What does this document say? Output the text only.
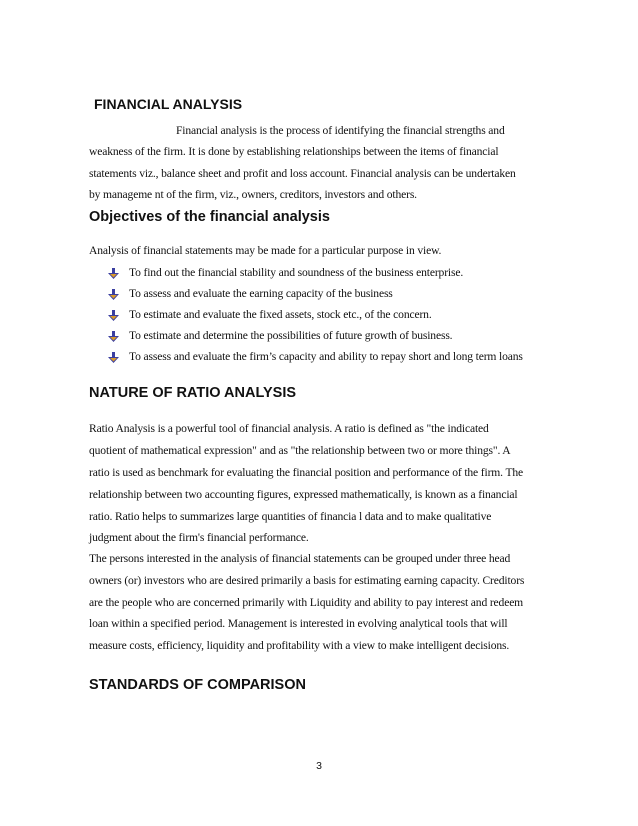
FINANCIAL ANALYSIS
Financial analysis is the process of identifying the financial strengths and
weakness of the firm. It is done by establishing relationships between the items of financial
statements viz., balance sheet and profit and loss account. Financial analysis can be undertaken
by manageme nt of the firm, viz., owners, creditors, investors and others.
Objectives of the financial analysis
Analysis of financial statements may be made for a particular purpose in view.
To find out the financial stability and soundness of the business enterprise.
To assess and evaluate the earning capacity of the business
To estimate and evaluate the fixed assets, stock etc., of the concern.
To estimate and determine the possibilities of future growth of business.
To assess and evaluate the firm’s capacity and ability to repay short and long term loans
NATURE OF RATIO ANALYSIS
Ratio Analysis is a powerful tool of financial analysis. A ratio is defined as "the indicated
quotient of mathematical expression" and as "the relationship between two or more things". A
ratio is used as benchmark for evaluating the financial position and performance of the firm. The
relationship between two accounting figures, expressed mathematically, is known as a financial
ratio. Ratio helps to summarizes large quantities of financia l data and to make qualitative
judgment about the firm's financial performance.
The persons interested in the analysis of financial statements can be grouped under three head
owners (or) investors who are desired primarily a basis for estimating earning capacity. Creditors
are the people who are concerned primarily with Liquidity and ability to pay interest and redeem
loan within a specified period. Management is interested in evolving analytical tools that will
measure costs, efficiency, liquidity and profitability with a view to make intelligent decisions.
STANDARDS OF COMPARISON
3
